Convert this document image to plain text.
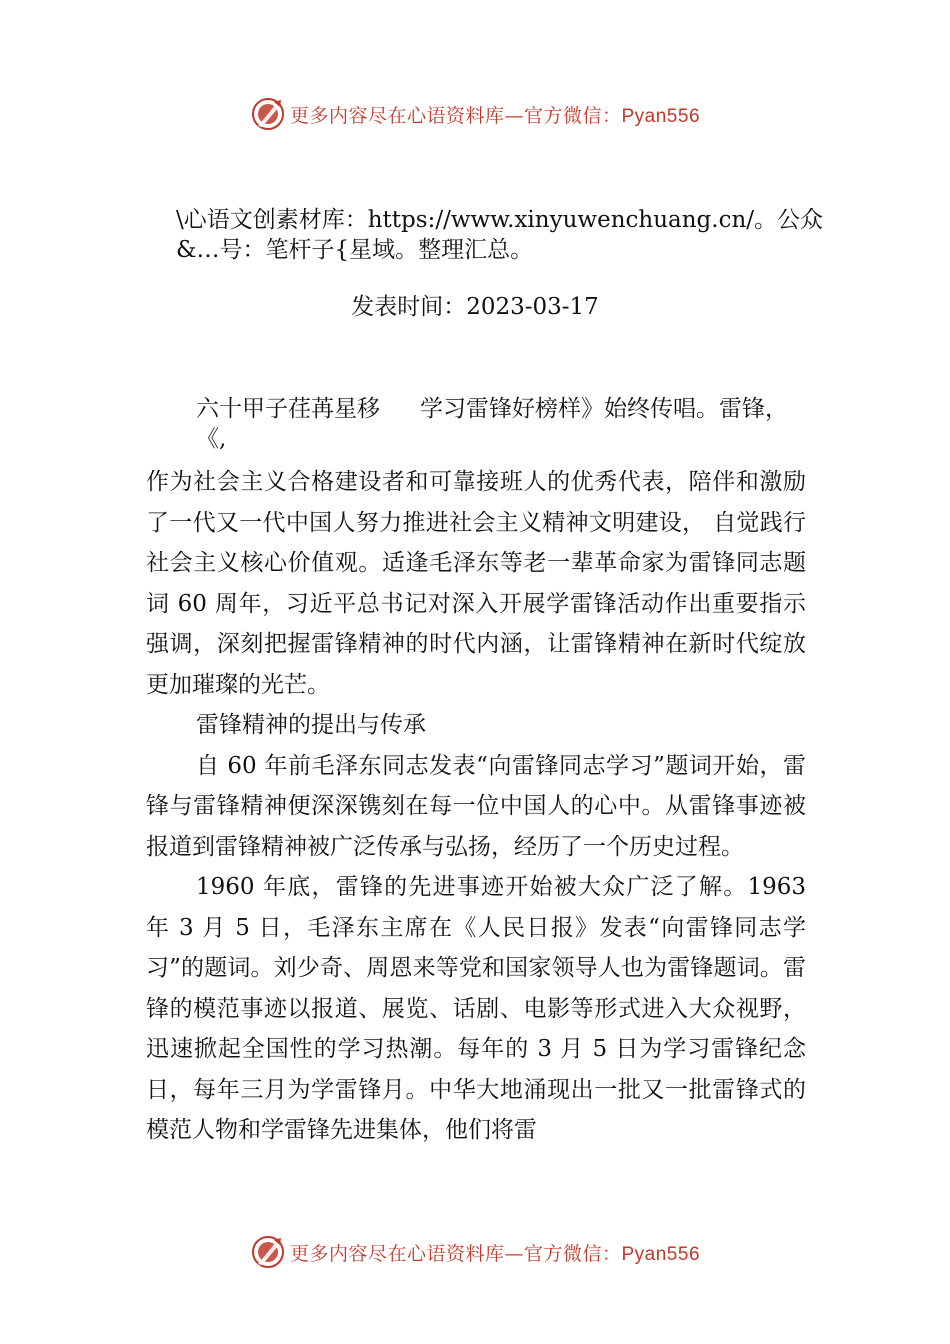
更多内容尽在心语资料库—官方微信：Pyan556
\心语文创素材库：https://www.xinyuwenchuang.cn/。公众&…号：笔杆子{星域。整理汇总。
发表时间：2023-03-17
六十甲子荏苒星移
《,
学习雷锋好榜样》始终传唱。雷锋，

作为社会主义合格建设者和可靠接班人的优秀代表，陪伴和激励了一代又一代中国人努力推进社会主义精神文明建设， 自觉践行社会主义核心价值观。适逢毛泽东等老一辈革命家为雷锋同志题词 60 周年，习近平总书记对深入开展学雷锋活动作出重要指示强调，深刻把握雷锋精神的时代内涵，让雷锋精神在新时代绽放更加璀璨的光芒。

雷锋精神的提出与传承

自 60 年前毛泽东同志发表“向雷锋同志学习”题词开始，雷锋与雷锋精神便深深镌刻在每一位中国人的心中。从雷锋事迹被报道到雷锋精神被广泛传承与弘扬，经历了一个历史过程。

1960 年底，雷锋的先进事迹开始被大众广泛了解。1963 年 3 月 5 日，毛泽东主席在《人民日报》发表“向雷锋同志学习”的题词。刘少奇、周恩来等党和国家领导人也为雷锋题词。雷锋的模范事迹以报道、展览、话剧、电影等形式进入大众视野，迅速掀起全国性的学习热潮。每年的 3 月 5 日为学习雷锋纪念日，每年三月为学雷锋月。中华大地涌现出一批又一批雷锋式的模范人物和学雷锋先进集体，他们将雷

更多内容尽在心语资料库—官方微信：Pyan556
